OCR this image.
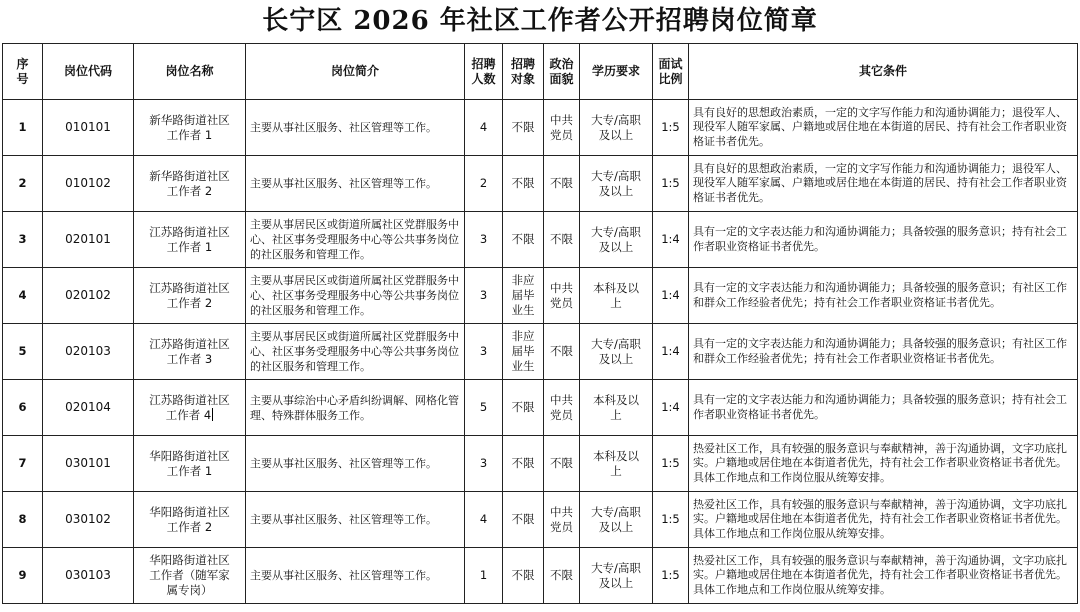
长宁区 2026 年社区工作者公开招聘岗位简章
序号	岗位代码	岗位名称	岗位简介	招聘人数	招聘对象	政治面貌	学历要求	面试比例	其它条件
1	010101	新华路街道社区工作者 1	主要从事社区服务、社区管理等工作。	4	不限	中共党员	大专/高职及以上	1:5	具有良好的思想政治素质，一定的文字写作能力和沟通协调能力；退役军人、现役军人随军家属、户籍地或居住地在本街道的居民、持有社会工作者职业资格证书者优先。
2	010102	新华路街道社区工作者 2	主要从事社区服务、社区管理等工作。	2	不限	不限	大专/高职及以上	1:5	具有良好的思想政治素质，一定的文字写作能力和沟通协调能力；退役军人、现役军人随军家属、户籍地或居住地在本街道的居民、持有社会工作者职业资格证书者优先。
3	020101	江苏路街道社区工作者 1	主要从事居民区或街道所属社区党群服务中心、社区事务受理服务中心等公共事务岗位的社区服务和管理工作。	3	不限	不限	大专/高职及以上	1:4	具有一定的文字表达能力和沟通协调能力；具备较强的服务意识；持有社会工作者职业资格证书者优先。
4	020102	江苏路街道社区工作者 2	主要从事居民区或街道所属社区党群服务中心、社区事务受理服务中心等公共事务岗位的社区服务和管理工作。	3	非应届毕业生	中共党员	本科及以上	1:4	具有一定的文字表达能力和沟通协调能力；具备较强的服务意识；有社区工作和群众工作经验者优先；持有社会工作者职业资格证书者优先。
5	020103	江苏路街道社区工作者 3	主要从事居民区或街道所属社区党群服务中心、社区事务受理服务中心等公共事务岗位的社区服务和管理工作。	3	非应届毕业生	不限	大专/高职及以上	1:4	具有一定的文字表达能力和沟通协调能力；具备较强的服务意识；有社区工作和群众工作经验者优先；持有社会工作者职业资格证书者优先。
6	020104	江苏路街道社区工作者 4	主要从事综治中心矛盾纠纷调解、网格化管理、特殊群体服务工作。	5	不限	中共党员	本科及以上	1:4	具有一定的文字表达能力和沟通协调能力；具备较强的服务意识；持有社会工作者职业资格证书者优先。
7	030101	华阳路街道社区工作者 1	主要从事社区服务、社区管理等工作。	3	不限	不限	本科及以上	1:5	热爱社区工作，具有较强的服务意识与奉献精神，善于沟通协调，文字功底扎实。户籍地或居住地在本街道者优先，持有社会工作者职业资格证书者优先。具体工作地点和工作岗位服从统筹安排。
8	030102	华阳路街道社区工作者 2	主要从事社区服务、社区管理等工作。	4	不限	中共党员	大专/高职及以上	1:5	热爱社区工作，具有较强的服务意识与奉献精神，善于沟通协调，文字功底扎实。户籍地或居住地在本街道者优先，持有社会工作者职业资格证书者优先。具体工作地点和工作岗位服从统筹安排。
9	030103	华阳路街道社区工作者（随军家属专岗）	主要从事社区服务、社区管理等工作。	1	不限	不限	大专/高职及以上	1:5	热爱社区工作，具有较强的服务意识与奉献精神，善于沟通协调，文字功底扎实。户籍地或居住地在本街道者优先，持有社会工作者职业资格证书者优先。具体工作地点和工作岗位服从统筹安排。
